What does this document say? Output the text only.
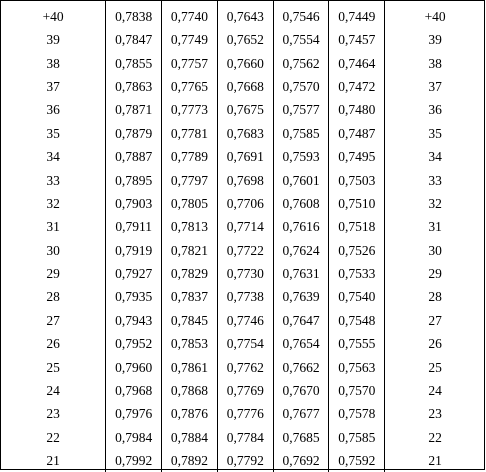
+40	0,7838	0,7740	0,7643	0,7546	0,7449	+40
39	0,7847	0,7749	0,7652	0,7554	0,7457	39
38	0,7855	0,7757	0,7660	0,7562	0,7464	38
37	0,7863	0,7765	0,7668	0,7570	0,7472	37
36	0,7871	0,7773	0,7675	0,7577	0,7480	36
35	0,7879	0,7781	0,7683	0,7585	0,7487	35
34	0,7887	0,7789	0,7691	0,7593	0,7495	34
33	0,7895	0,7797	0,7698	0,7601	0,7503	33
32	0,7903	0,7805	0,7706	0,7608	0,7510	32
31	0,7911	0,7813	0,7714	0,7616	0,7518	31
30	0,7919	0,7821	0,7722	0,7624	0,7526	30
29	0,7927	0,7829	0,7730	0,7631	0,7533	29
28	0,7935	0,7837	0,7738	0,7639	0,7540	28
27	0,7943	0,7845	0,7746	0,7647	0,7548	27
26	0,7952	0,7853	0,7754	0,7654	0,7555	26
25	0,7960	0,7861	0,7762	0,7662	0,7563	25
24	0,7968	0,7868	0,7769	0,7670	0,7570	24
23	0,7976	0,7876	0,7776	0,7677	0,7578	23
22	0,7984	0,7884	0,7784	0,7685	0,7585	22
21	0,7992	0,7892	0,7792	0,7692	0,7592	21
